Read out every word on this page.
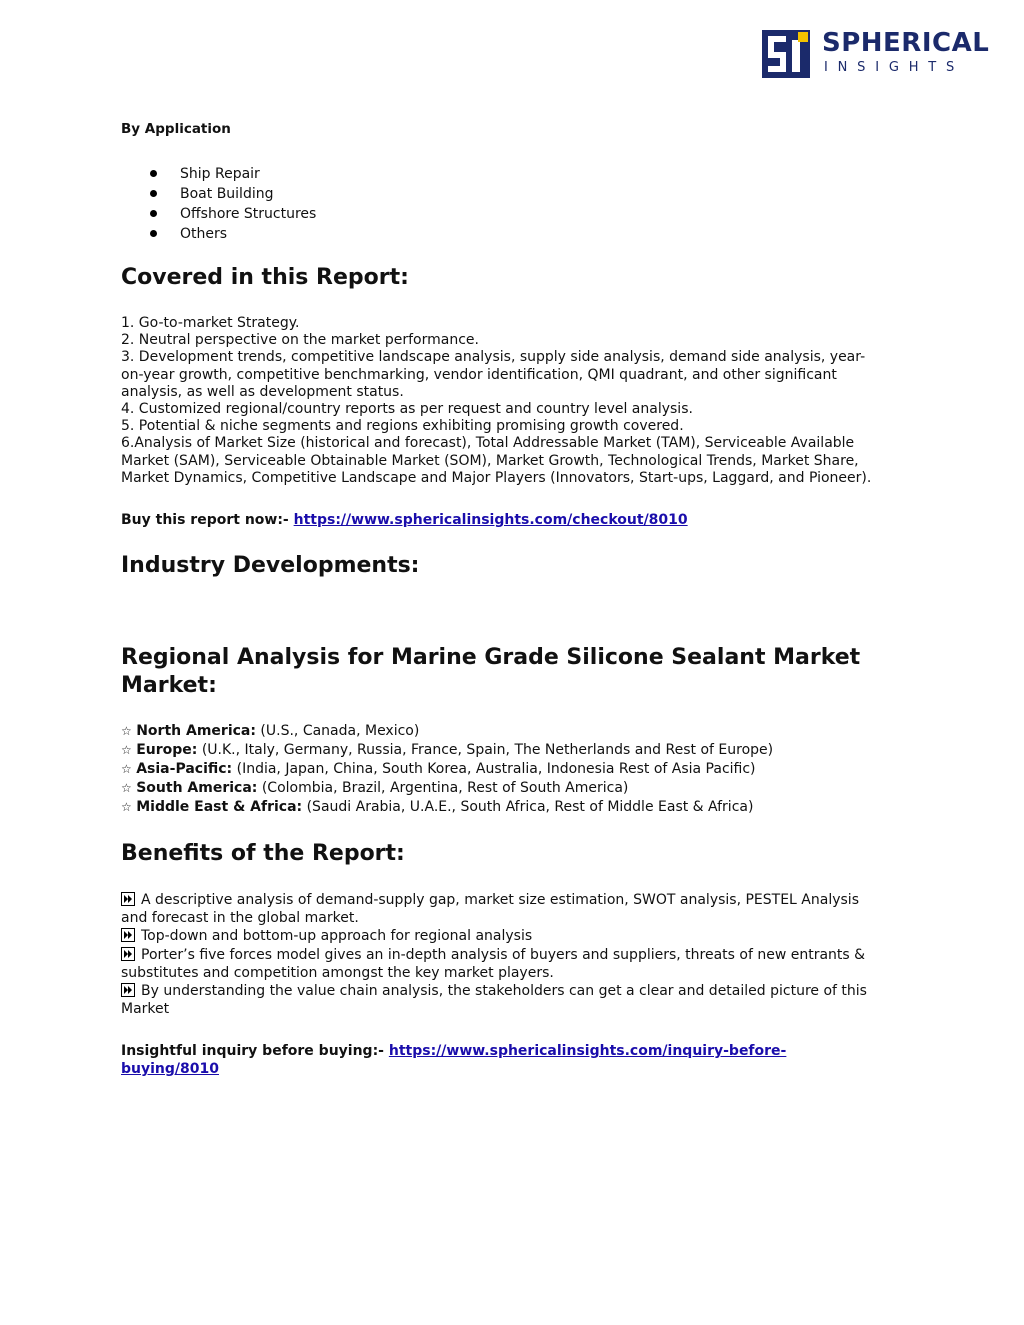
SPHERICAL
INSIGHTS
By Application
Ship Repair
Boat Building
Offshore Structures
Others
Covered in this Report:
1. Go-to-market Strategy.
2. Neutral perspective on the market performance.
3. Development trends, competitive landscape analysis, supply side analysis, demand side analysis, year-
on-year growth, competitive benchmarking, vendor identification, QMI quadrant, and other significant
analysis, as well as development status.
4. Customized regional/country reports as per request and country level analysis.
5. Potential & niche segments and regions exhibiting promising growth covered.
6.Analysis of Market Size (historical and forecast), Total Addressable Market (TAM), Serviceable Available
Market (SAM), Serviceable Obtainable Market (SOM), Market Growth, Technological Trends, Market Share,
Market Dynamics, Competitive Landscape and Major Players (Innovators, Start-ups, Laggard, and Pioneer).
Buy this report now:- https://www.sphericalinsights.com/checkout/8010
Industry Developments:
Regional Analysis for Marine Grade Silicone Sealant Market
Market:
☆ North America: (U.S., Canada, Mexico)
☆ Europe: (U.K., Italy, Germany, Russia, France, Spain, The Netherlands and Rest of Europe)
☆ Asia-Pacific: (India, Japan, China, South Korea, Australia, Indonesia Rest of Asia Pacific)
☆ South America: (Colombia, Brazil, Argentina, Rest of South America)
☆ Middle East & Africa: (Saudi Arabia, U.A.E., South Africa, Rest of Middle East & Africa)
Benefits of the Report:
A descriptive analysis of demand-supply gap, market size estimation, SWOT analysis, PESTEL Analysis
and forecast in the global market.
Top-down and bottom-up approach for regional analysis
Porter’s five forces model gives an in-depth analysis of buyers and suppliers, threats of new entrants &
substitutes and competition amongst the key market players.
By understanding the value chain analysis, the stakeholders can get a clear and detailed picture of this
Market
Insightful inquiry before buying:- https://www.sphericalinsights.com/inquiry-before-
buying/8010
